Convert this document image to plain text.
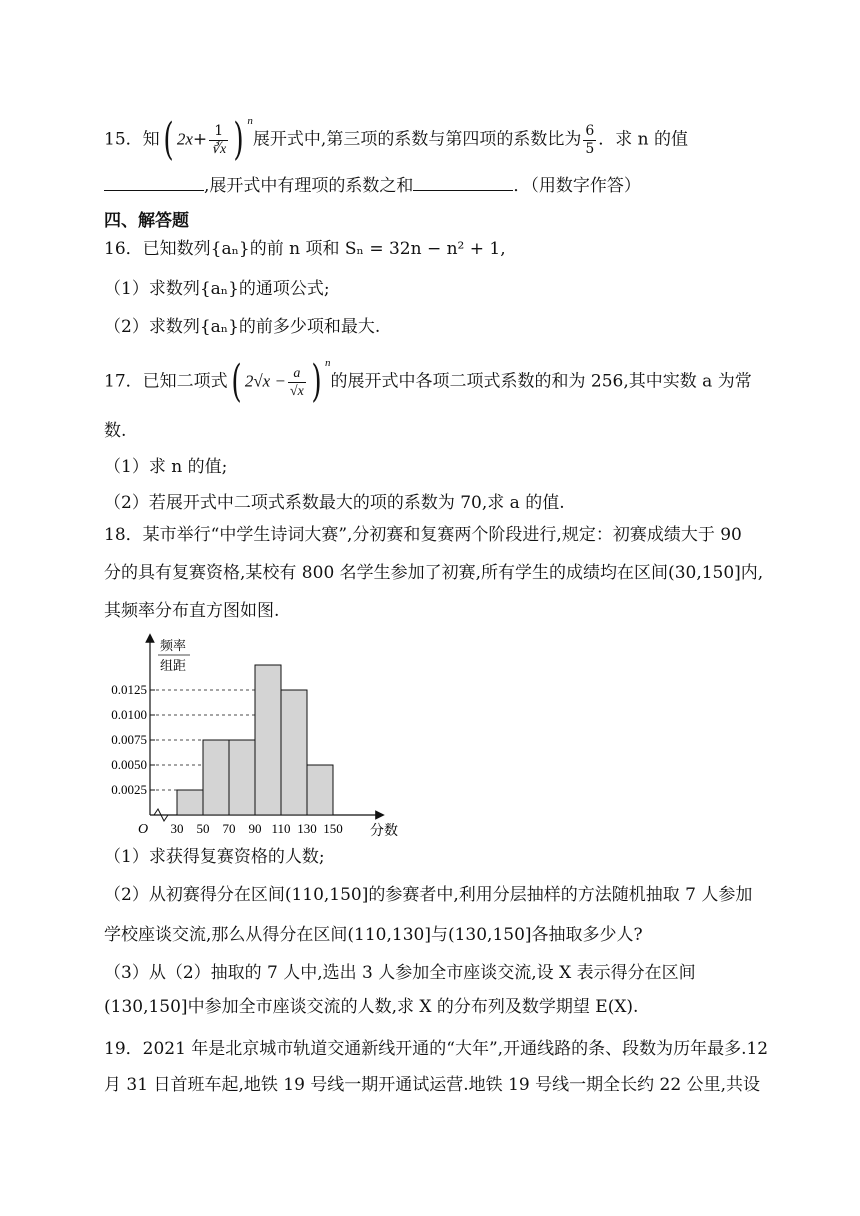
15．知( $2x+ \frac{1}{∛x}$ ) $^n$展开式中,第三项的系数与第四项的系数比为 $\frac{6}{5}$ ．求 n 的值
,展开式中有理项的系数之和	．（用数字作答）
四、解答题
16．已知数列{aₙ}的前 n 项和 Sₙ = 32n − n² + 1,
（1）求数列{aₙ}的通项公式;
（2）求数列{aₙ}的前多少项和最大.
17．已知二项式( $2√x - \frac{a}{√x}$ ) $^n$的展开式中各项二项式系数的和为 256,其中实数 a 为常
数.
（1）求 n 的值;
（2）若展开式中二项式系数最大的项的系数为 70,求 a 的值.
18．某市举行“中学生诗词大赛”,分初赛和复赛两个阶段进行,规定：初赛成绩大于 90
分的具有复赛资格,某校有 800 名学生参加了初赛,所有学生的成绩均在区间(30,150]内,
其频率分布直方图如图.
0.0025
0.0050
0.0075
0.0100
0.0125
30 50 70 90 110 130 150
O	分数
频率
组距
（1）求获得复赛资格的人数;
（2）从初赛得分在区间(110,150]的参赛者中,利用分层抽样的方法随机抽取 7 人参加
学校座谈交流,那么从得分在区间(110,130]与(130,150]各抽取多少人?
（3）从（2）抽取的 7 人中,选出 3 人参加全市座谈交流,设 X 表示得分在区间
(130,150]中参加全市座谈交流的人数,求 X 的分布列及数学期望 E(X).
19．2021 年是北京城市轨道交通新线开通的“大年”,开通线路的条、段数为历年最多.12
月 31 日首班车起,地铁 19 号线一期开通试运营.地铁 19 号线一期全长约 22 公里,共设
